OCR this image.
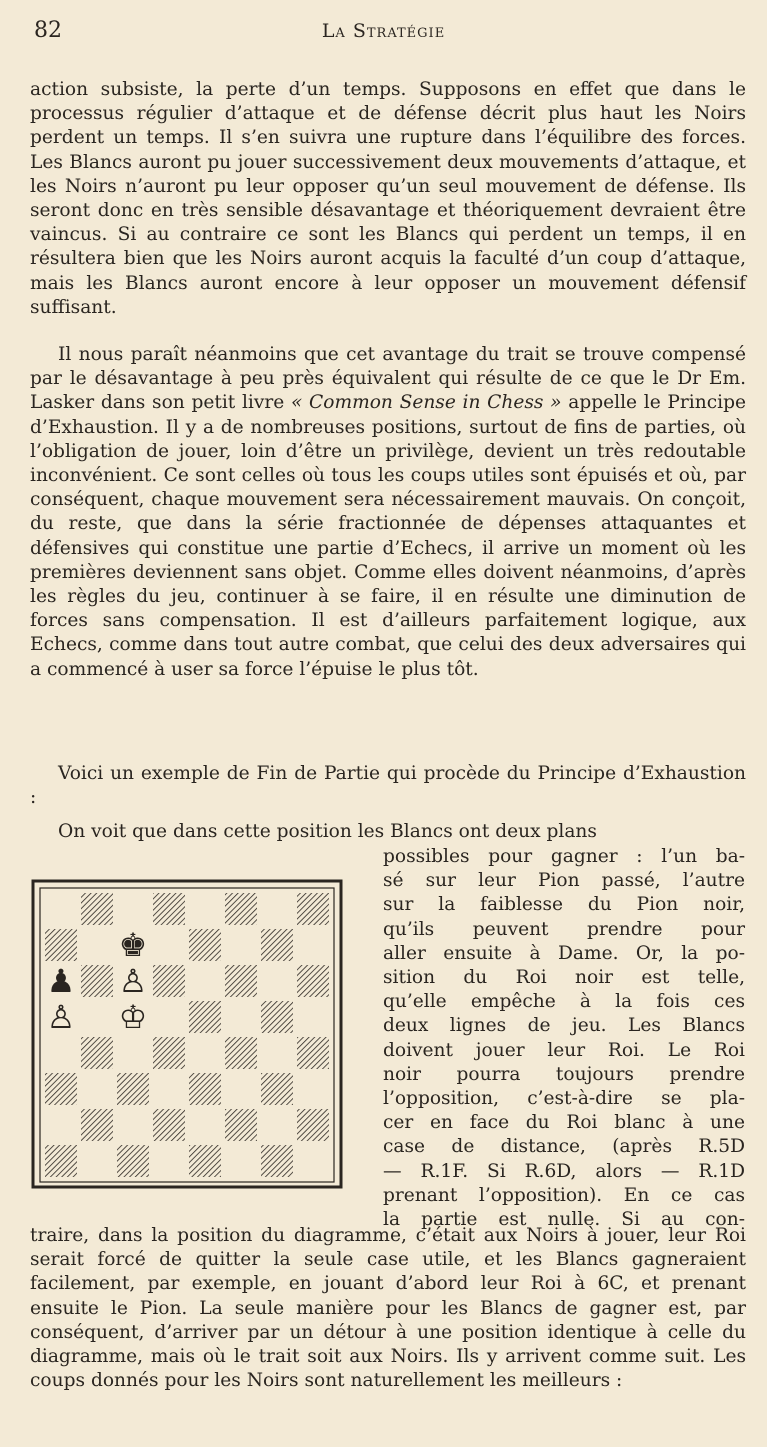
82	La Stratégie

action subsiste, la perte d’un temps. Supposons en effet que dans le processus régulier d’attaque et de défense décrit plus haut les Noirs perdent un temps. Il s’en suivra une rupture dans l’équilibre des forces. Les Blancs auront pu jouer successivement deux mouvements d’attaque, et les Noirs n’auront pu leur opposer qu’un seul mouvement de défense. Ils seront donc en très sensible désavantage et théoriquement devraient être vaincus. Si au contraire ce sont les Blancs qui perdent un temps, il en résultera bien que les Noirs auront acquis la faculté d’un coup d’attaque, mais les Blancs auront encore à leur opposer un mouvement défensif suffisant.

Il nous paraît néanmoins que cet avantage du trait se trouve compensé par le désavantage à peu près équivalent qui résulte de ce que le Dr Em. Lasker dans son petit livre « Common Sense in Chess » appelle le Principe d’Exhaustion. Il y a de nombreuses positions, surtout de fins de parties, où l’obligation de jouer, loin d’être un privilège, devient un très redoutable inconvénient. Ce sont celles où tous les coups utiles sont épuisés et où, par conséquent, chaque mouvement sera nécessairement mauvais. On conçoit, du reste, que dans la série fractionnée de dépenses attaquantes et défensives qui constitue une partie d’Echecs, il arrive un moment où les premières deviennent sans objet. Comme elles doivent néanmoins, d’après les règles du jeu, continuer à se faire, il en résulte une diminution de forces sans compensation. Il est d’ailleurs parfaitement logique, aux Echecs, comme dans tout autre combat, que celui des deux adversaires qui a commencé à user sa force l’épuise le plus tôt.

Voici un exemple de Fin de Partie qui procède du Principe d’Exhaustion :

On voit que dans cette position les Blancs ont deux plans

possibles pour gagner : l’un ba-
sé sur leur Pion passé, l’autre
sur la faiblesse du Pion noir,
qu’ils peuvent prendre pour
aller ensuite à Dame. Or, la po-
sition du Roi noir est telle,
qu’elle empêche à la fois ces
deux lignes de jeu. Les Blancs
doivent jouer leur Roi. Le Roi
noir pourra toujours prendre
l’opposition, c’est-à-dire se pla-
cer en face du Roi blanc à une
case de distance, (après R.5D
— R.1F. Si R.6D, alors — R.1D
prenant l’opposition). En ce cas
la partie est nulle. Si au con-
♚
♟ ♙
♙ ♔

traire, dans la position du diagramme, c’était aux Noirs à jouer, leur Roi serait forcé de quitter la seule case utile, et les Blancs gagneraient facilement, par exemple, en jouant d’abord leur Roi à 6C, et prenant ensuite le Pion. La seule manière pour les Blancs de gagner est, par conséquent, d’arriver par un détour à une position identique à celle du diagramme, mais où le trait soit aux Noirs. Ils y arrivent comme suit. Les coups donnés pour les Noirs sont naturellement les meilleurs :
